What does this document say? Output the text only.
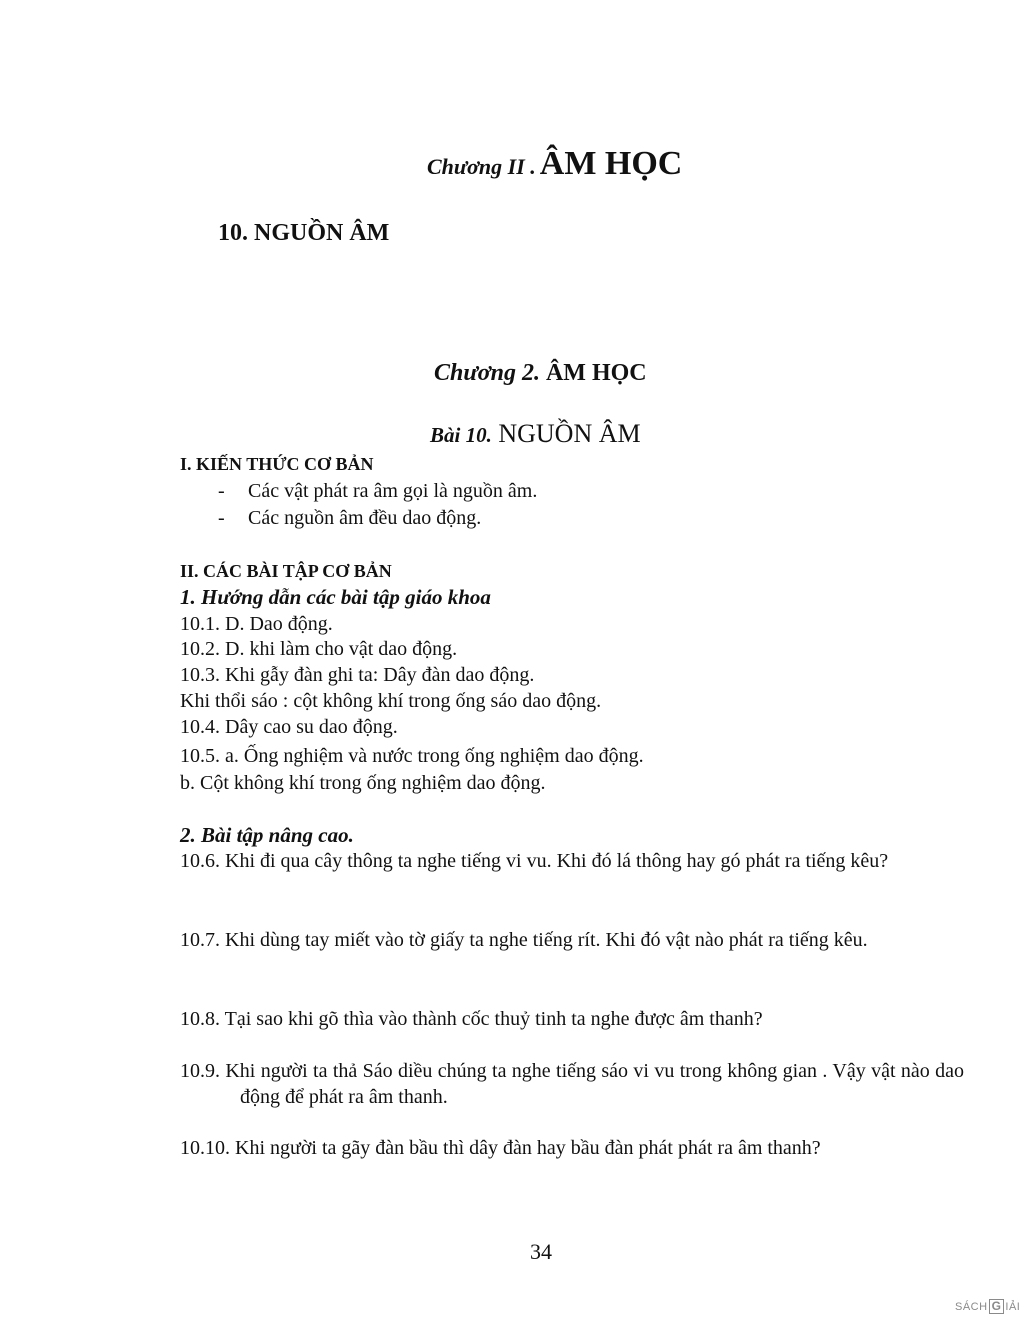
Chương II . ÂM HỌC
10. NGUỒN ÂM
Chương 2. ÂM HỌC
Bài 10. NGUỒN ÂM
I. KIẾN THỨC CƠ BẢN
- Các vật phát ra âm gọi là nguồn âm.
- Các nguồn âm đều dao động.
II. CÁC BÀI TẬP CƠ BẢN
1. Hướng dẫn các bài tập giáo khoa
10.1. D. Dao động.
10.2. D. khi làm cho vật dao động.
10.3. Khi gẫy đàn ghi ta: Dây đàn dao động.
Khi thổi sáo : cột không khí trong ống sáo dao động.
10.4. Dây cao su dao động.
10.5. a. Ống nghiệm và nước trong ống nghiệm dao động.
b. Cột không khí trong ống nghiệm dao động.
2. Bài tập nâng cao.
10.6. Khi đi qua cây thông ta nghe tiếng vi vu. Khi đó lá thông hay gó phát ra tiếng kêu?
10.7. Khi dùng tay miết vào tờ giấy ta nghe tiếng rít. Khi đó vật nào phát ra tiếng kêu.
10.8. Tại sao khi gõ thìa vào thành cốc thuỷ tinh ta nghe được âm thanh?
10.9. Khi người ta thả Sáo diều chúng ta nghe tiếng sáo vi vu trong không gian . Vậy vật nào dao động để phát ra âm thanh.
10.10. Khi người ta gãy đàn bầu thì dây đàn hay bầu đàn phát phát ra âm thanh?
34
SÁCH G IẢI
